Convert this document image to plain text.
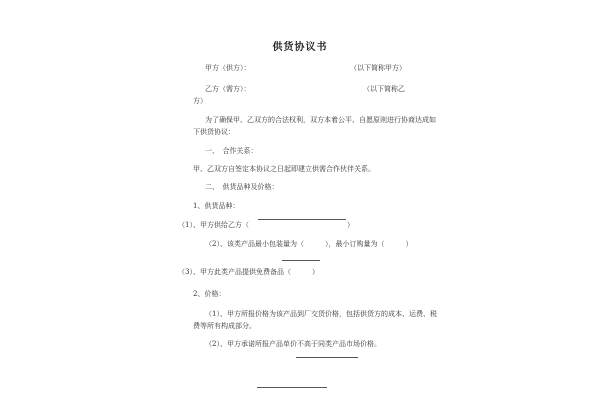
供货协议书
甲方（供方）：	（以下简称甲方）
乙方（需方）：	（以下简称乙
方）
为了确保甲、乙双方的合法权利，双方本着公平、自愿原则进行协商达成如
下供货协议：
一、　合作关系：
甲、乙双方自签定本协议之日起即建立供需合作伙伴关系。
二、　供货品种及价格：
1、供货品种：
（1）、甲方供给乙方（	）
（2）、该类产品最小包装量为（　　　），最小订购量为（　　　）
（3）、甲方此类产品提供免费备品（　　　）
2、价格：
（1）、甲方所报价格为该产品到厂交货价格，包括供货方的成本、运费、税
费等所有构成部分。
（2）、甲方承诺所报产品单价不高于同类产品市场价格。
